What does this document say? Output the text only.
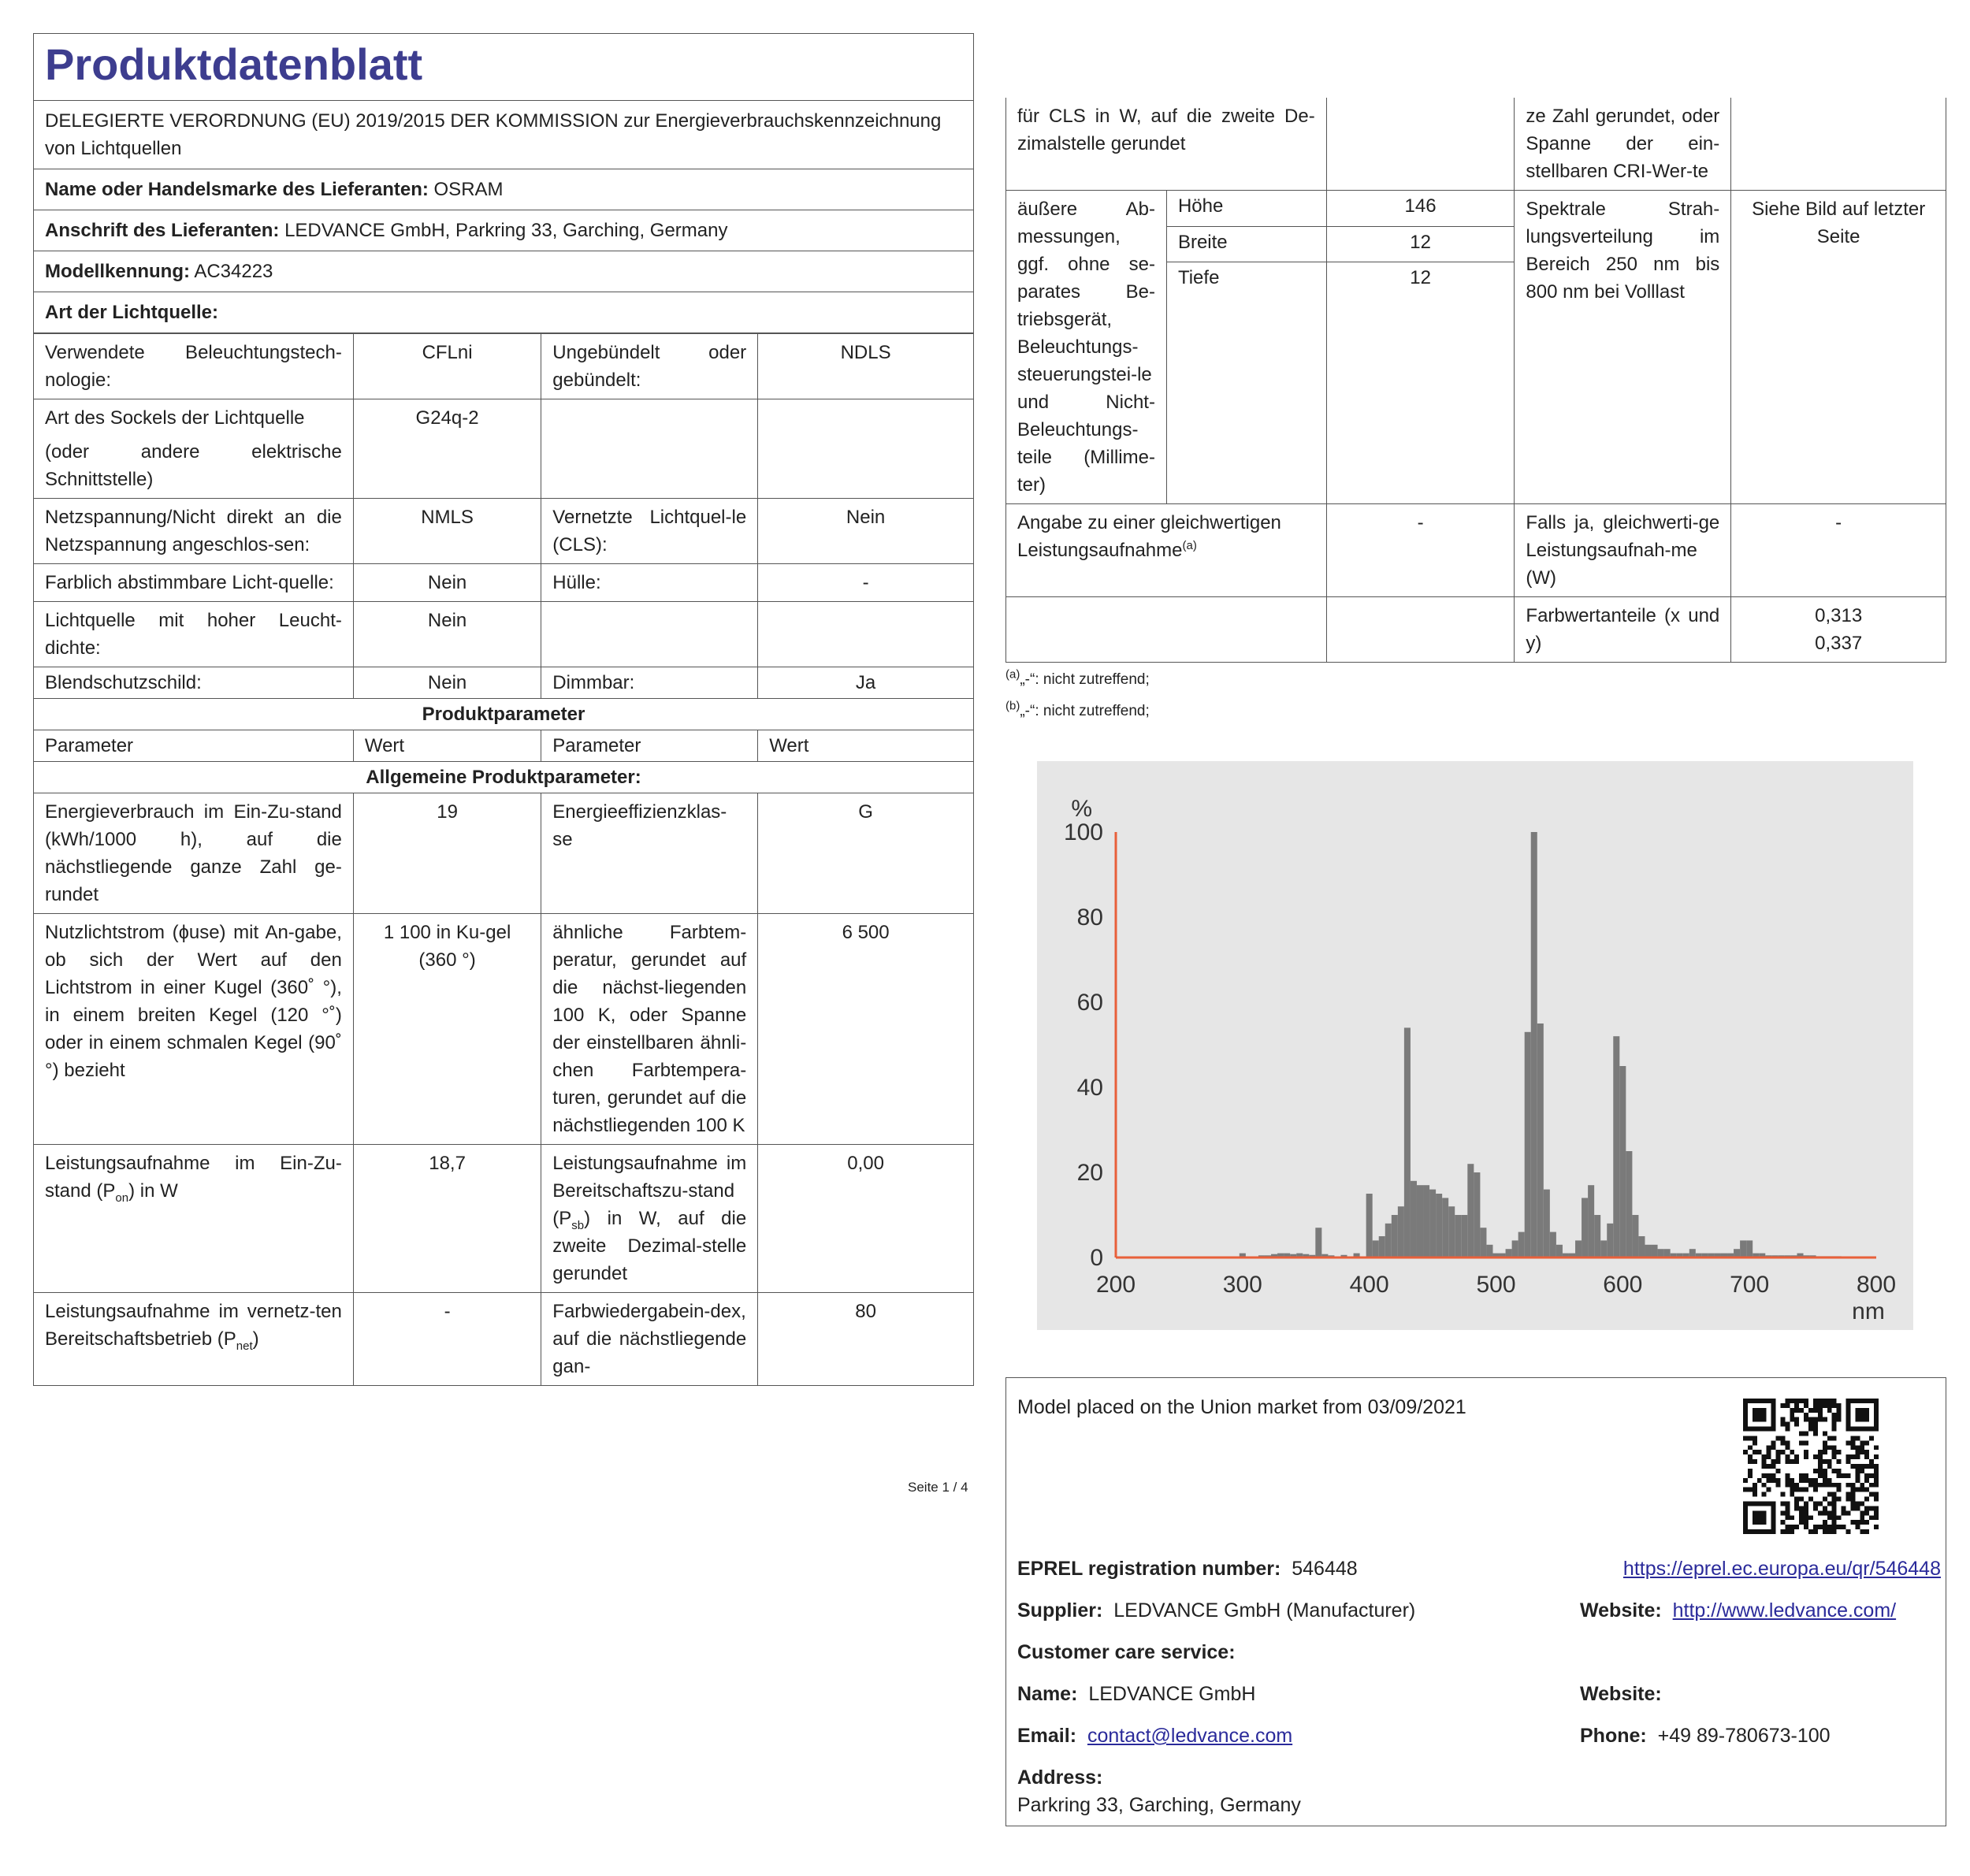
Produktdatenblatt
DELEGIERTE VERORDNUNG (EU) 2019/2015 DER KOMMISSION zur Energieverbrauchskennzeichnung von Lichtquellen
Name oder Handelsmarke des Lieferanten: OSRAM
Anschrift des Lieferanten: LEDVANCE GmbH, Parkring 33, Garching, Germany
Modellkennung: AC34223
Art der Lichtquelle:
Verwendete Beleuchtungstech-nologie:	CFLni	Ungebündelt oder gebündelt:	NDLS

Art des Sockels der Lichtquelle
(oder andere elektrische Schnittstelle)	G24q-2		
Netzspannung/Nicht direkt an die Netzspannung angeschlos-sen:	NMLS	Vernetzte Lichtquel-le (CLS):	Nein
Farblich abstimmbare Licht-quelle:	Nein	Hülle:	-
Lichtquelle mit hoher Leucht-dichte:	Nein		
Blendschutzschild:	Nein	Dimmbar:	Ja
Produktparameter			
Parameter	Wert	Parameter	Wert
Allgemeine Produktparameter:			
Energieverbrauch im Ein-Zu-stand (kWh/1000 h), auf die nächstliegende ganze Zahl ge-rundet	19	Energieeffizienzklas-se	G
Nutzlichtstrom (ɸuse) mit An-gabe, ob sich der Wert auf den Lichtstrom in einer Kugel (360˚ °), in einem breiten Kegel (120 °˚) oder in einem schmalen Kegel (90˚ °) bezieht	1 100 in Ku-gel (360 °)	ähnliche Farbtem-peratur, gerundet auf die nächst-liegenden 100 K, oder Spanne der einstellbaren ähnli-chen Farbtempera-turen, gerundet auf die nächstliegenden 100 K	6 500
Leistungsaufnahme im Ein-Zu-stand $(P_{on})$ in W	18,7	Leistungsaufnahme im Bereitschaftszu-stand $(P_{sb})$ in W, auf die zweite Dezimal-stelle gerundet	0,00
Leistungsaufnahme im vernetz-ten Bereitschaftsbetrieb $(P_{net})$	-	Farbwiedergabein-dex, auf die nächstliegende gan-	80
Seite 1 / 4
für CLS in W, auf die zweite De-zimalstelle gerundet			ze Zahl gerundet, oder Spanne der ein-stellbaren CRI-Wer-te	
äußere Ab-messungen, ggf. ohne se-parates Be-triebsgerät, Beleuchtungs-steuerungstei-le und Nicht-Beleuchtungs-teile (Millime-ter)	Höhe	146	Spektrale Strah-lungsverteilung im Bereich 250 nm bis 800 nm bei Volllast	Siehe Bild auf letzter Seite
	Breite	12		
	Tiefe	12		
Angabe zu einer gleichwertigen Leistungsaufnahme$^{(a)}$		-	Falls ja, gleichwerti-ge Leistungsaufnah-me (W)	-
			Farbwertanteile (x und y)	0,313
0,337
$^{(a)}$„-“: nicht zutreffend;
$^{(b)}$„-“: nicht zutreffend;
0
20
40
60
80
100
200	300	400	500	600	700	800
%
nm
Model placed on the Union market from 03/09/2021
EPREL registration number: 546448	https://eprel.ec.europa.eu/qr/546448
Supplier: LEDVANCE GmbH (Manufacturer)	Website: http://www.ledvance.com/
Customer care service:
Name: LEDVANCE GmbH	Website:
Email: contact@ledvance.com	Phone: +49 89-780673-100
Address:
Parkring 33, Garching, Germany
